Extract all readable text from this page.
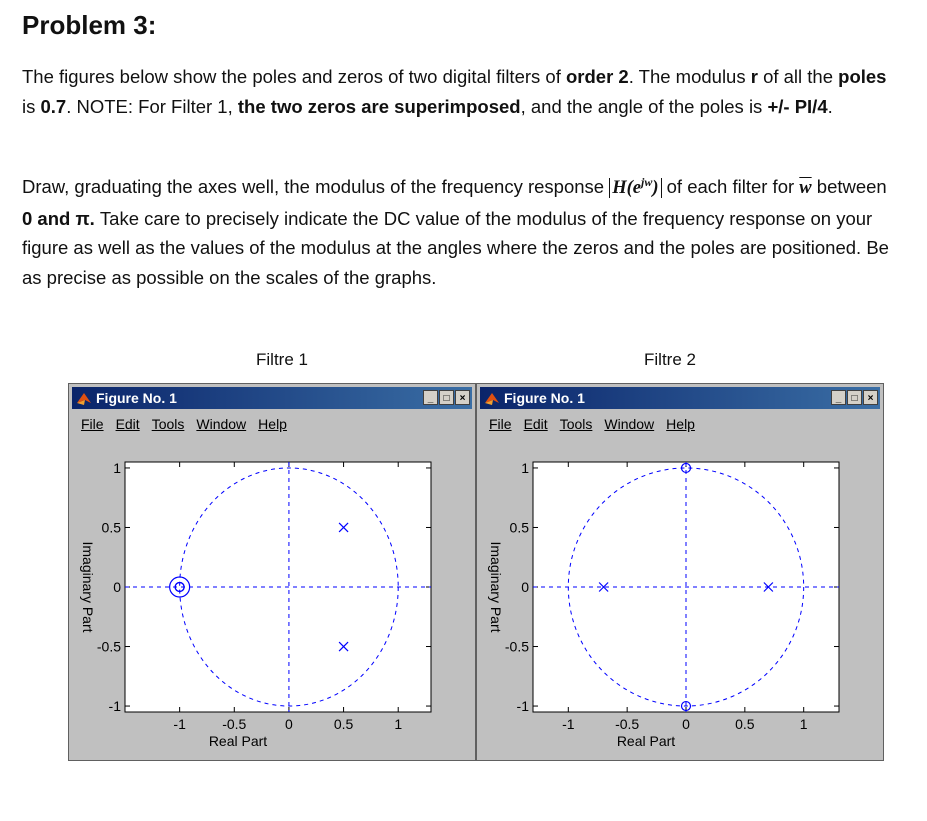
Problem 3:
The figures below show the poles and zeros of two digital filters of order 2. The modulus r of all the poles is 0.7. NOTE: For Filter 1, the two zeros are superimposed, and the angle of the poles is +/- PI/4.
Draw, graduating the axes well, the modulus of the frequency response $H(e^{jw})$ of each filter for $\overline{w}$ between 0 and π. Take care to precisely indicate the DC value of the modulus of the frequency response on your figure as well as the values of the modulus at the angles where the zeros and the poles are positioned. Be as precise as possible on the scales of the graphs.
Filtre 1	Filtre 2
Figure No. 1	_ □ ×
File Edit Tools Window Help
-1	-0.5	0	0.5	1
1
0.5
0
-0.5
-1
Imaginary Part
Real Part
Figure No. 1	_ □ ×
File Edit Tools Window Help
-1	-0.5	0	0.5	1
1
0.5
0
-0.5
-1
Imaginary Part
Real Part
